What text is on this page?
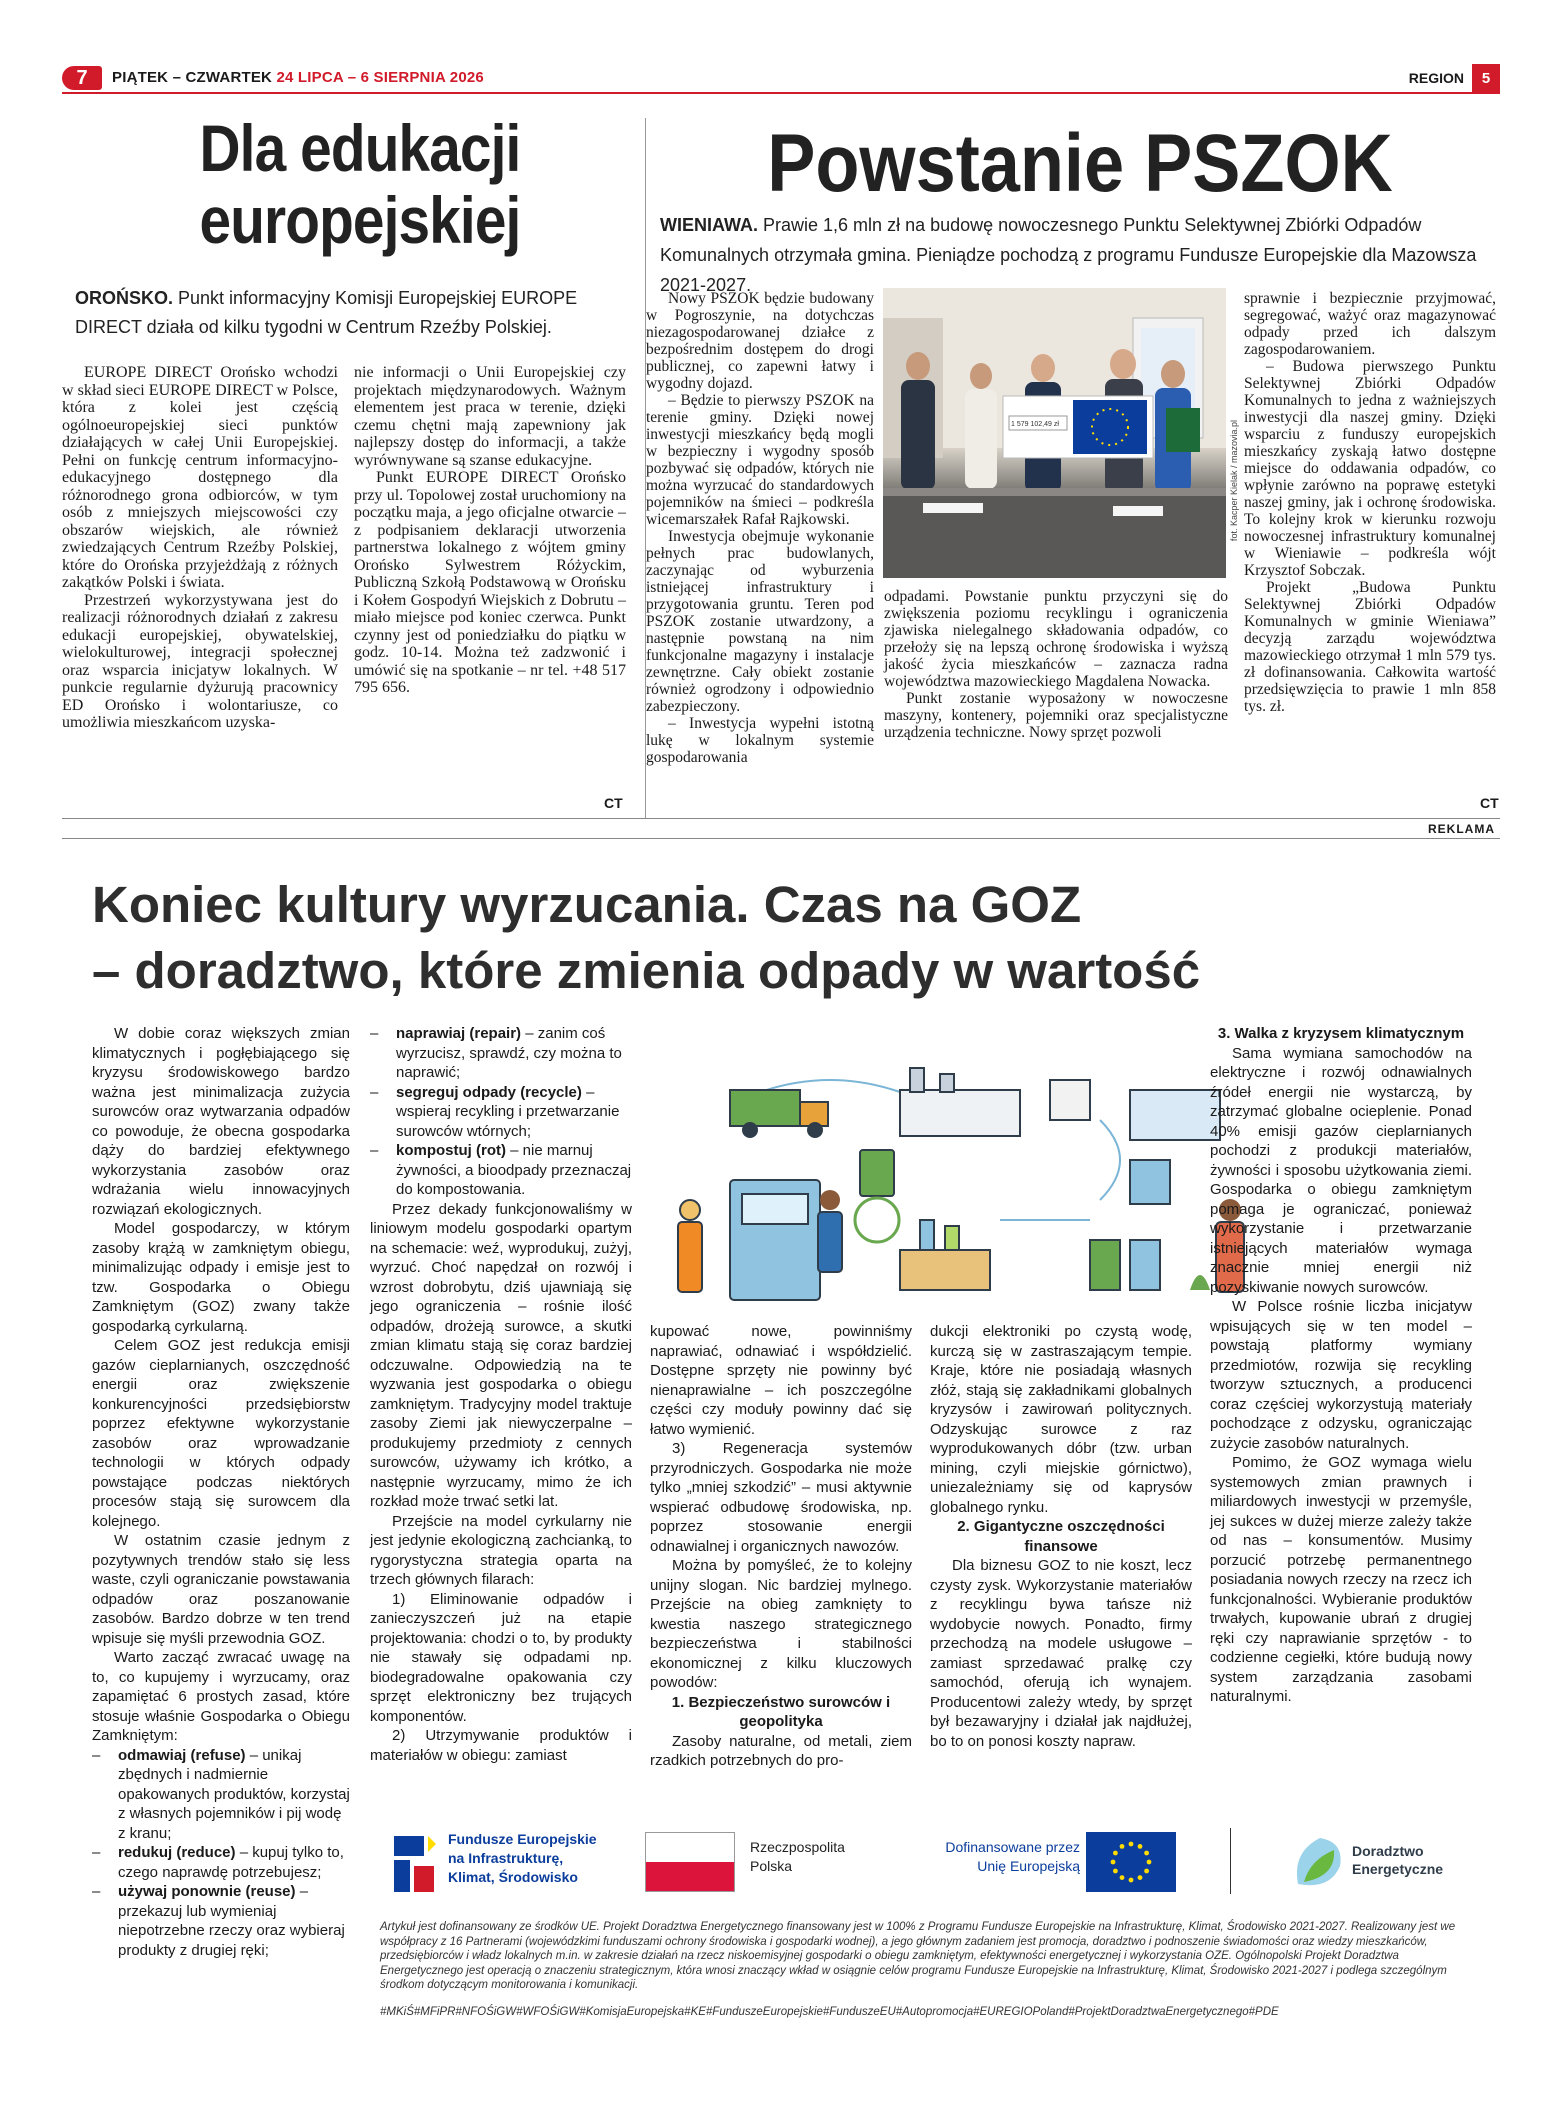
7	PIĄTEK – CZWARTEK 24 LIPCA – 6 SIERPNIA 2026	REGION	5
Dla edukacji
europejskiej
OROŃSKO. Punkt informacyjny Komisji Europejskiej EUROPE DIRECT działa od kilku tygodni w Centrum Rzeźby Polskiej.

EUROPE DIRECT Orońsko wchodzi w skład sieci EUROPE DIRECT w Polsce, która z kolei jest częścią ogólnoeuropejskiej sieci punktów działających w całej Unii Europejskiej. Pełni on funkcję centrum informacyjno-edukacyjnego dostępnego dla różnorodnego grona odbiorców, w tym osób z mniejszych miejscowości czy obszarów wiejskich, ale również zwiedzających Centrum Rzeźby Polskiej, które do Orońska przyjeżdżają z różnych zakątków Polski i świata.

Przestrzeń wykorzystywana jest do realizacji różnorodnych działań z zakresu edukacji europejskiej, obywatelskiej, wielokulturowej, integracji społecznej oraz wsparcia inicjatyw lokalnych. W punkcie regularnie dyżurują pracownicy ED Orońsko i wolontariusze, co umożliwia mieszkańcom uzyska-

nie informacji o Unii Europejskiej czy projektach międzynarodowych. Ważnym elementem jest praca w terenie, dzięki czemu chętni mają zapewniony jak najlepszy dostęp do informacji, a także wyrównywane są szanse edukacyjne.

Punkt EUROPE DIRECT Orońsko przy ul. Topolowej został uruchomiony na początku maja, a jego oficjalne otwarcie – z podpisaniem deklaracji utworzenia partnerstwa lokalnego z wójtem gminy Orońsko Sylwestrem Różyckim, Publiczną Szkołą Podstawową w Orońsku i Kołem Gospodyń Wiejskich z Dobrutu – miało miejsce pod koniec czerwca. Punkt czynny jest od poniedziałku do piątku w godz. 10-14. Można też zadzwonić i umówić się na spotkanie – nr tel. +48 517 795 656.

CT
Powstanie PSZOK
WIENIAWA. Prawie 1,6 mln zł na budowę nowoczesnego Punktu Selektywnej Zbiórki Odpadów Komunalnych otrzymała gmina. Pieniądze pochodzą z programu Fundusze Europejskie dla Mazowsza 2021-2027.

Nowy PSZOK będzie budowany w Pogroszynie, na dotychczas niezagospodarowanej działce z bezpośrednim dostępem do drogi publicznej, co zapewni łatwy i wygodny dojazd.

– Będzie to pierwszy PSZOK na terenie gminy. Dzięki nowej inwestycji mieszkańcy będą mogli w bezpieczny i wygodny sposób pozbywać się odpadów, których nie można wyrzucać do standardowych pojemników na śmieci – podkreśla wicemarszałek Rafał Rajkowski.

Inwestycja obejmuje wykonanie pełnych prac budowlanych, zaczynając od wyburzenia istniejącej infrastruktury i przygotowania gruntu. Teren pod PSZOK zostanie utwardzony, a następnie powstaną na nim funkcjonalne magazyny i instalacje zewnętrzne. Cały obiekt zostanie również ogrodzony i odpowiednio zabezpieczony.

– Inwestycja wypełni istotną lukę w lokalnym systemie gospodarowania

1 579 102,49 zł	fot. Kacper Kielak / mazovia.pl

odpadami. Powstanie punktu przyczyni się do zwiększenia poziomu recyklingu i ograniczenia zjawiska nielegalnego składowania odpadów, co przełoży się na lepszą ochronę środowiska i wyższą jakość życia mieszkańców – zaznacza radna województwa mazowieckiego Magdalena Nowacka.

Punkt zostanie wyposażony w nowoczesne maszyny, kontenery, pojemniki oraz specjalistyczne urządzenia techniczne. Nowy sprzęt pozwoli

sprawnie i bezpiecznie przyjmować, segregować, ważyć oraz magazynować odpady przed ich dalszym zagospodarowaniem.

– Budowa pierwszego Punktu Selektywnej Zbiórki Odpadów Komunalnych to jedna z ważniejszych inwestycji dla naszej gminy. Dzięki wsparciu z funduszy europejskich mieszkańcy zyskają łatwo dostępne miejsce do oddawania odpadów, co wpłynie zarówno na poprawę estetyki naszej gminy, jak i ochronę środowiska. To kolejny krok w kierunku rozwoju nowoczesnej infrastruktury komunalnej w Wieniawie – podkreśla wójt Krzysztof Sobczak.

Projekt „Budowa Punktu Selektywnej Zbiórki Odpadów Komunalnych w gminie Wieniawa” decyzją zarządu województwa mazowieckiego otrzymał 1 mln 579 tys. zł dofinansowania. Całkowita wartość przedsięwzięcia to prawie 1 mln 858 tys. zł.

CT
REKLAMA
Koniec kultury wyrzucania. Czas na GOZ
– doradztwo, które zmienia odpady w wartość

W dobie coraz większych zmian klimatycznych i pogłębiającego się kryzysu środowiskowego bardzo ważna jest minimalizacja zużycia surowców oraz wytwarzania odpadów co powoduje, że obecna gospodarka dąży do bardziej efektywnego wykorzystania zasobów oraz wdrażania wielu innowacyjnych rozwiązań ekologicznych.

Model gospodarczy, w którym zasoby krążą w zamkniętym obiegu, minimalizując odpady i emisje jest to tzw. Gospodarka o Obiegu Zamkniętym (GOZ) zwany także gospodarką cyrkularną.

Celem GOZ jest redukcja emisji gazów cieplarnianych, oszczędność energii oraz zwiększenie konkurencyjności przedsiębiorstw poprzez efektywne wykorzystanie zasobów oraz wprowadzanie technologii w których odpady powstające podczas niektórych procesów stają się surowcem dla kolejnego.

W ostatnim czasie jednym z pozytywnych trendów stało się less waste, czyli ograniczanie powstawania odpadów oraz poszanowanie zasobów. Bardzo dobrze w ten trend wpisuje się myśli przewodnia GOZ.

Warto zacząć zwracać uwagę na to, co kupujemy i wyrzucamy, oraz zapamiętać 6 prostych zasad, które stosuje właśnie Gospodarka o Obiegu Zamkniętym:

– odmawiaj (refuse) – unikaj zbędnych i nadmiernie opakowanych produktów, korzystaj z własnych pojemników i pij wodę z kranu;
– redukuj (reduce) – kupuj tylko to, czego naprawdę potrzebujesz;
– używaj ponownie (reuse) – przekazuj lub wymieniaj niepotrzebne rzeczy oraz wybieraj produkty z drugiej ręki;
– naprawiaj (repair) – zanim coś wyrzucisz, sprawdź, czy można to naprawić;
– segreguj odpady (recycle) – wspieraj recykling i przetwarzanie surowców wtórnych;
– kompostuj (rot) – nie marnuj żywności, a bioodpady przeznaczaj do kompostowania.

Przez dekady funkcjonowaliśmy w liniowym modelu gospodarki opartym na schemacie: weź, wyprodukuj, zużyj, wyrzuć. Choć napędzał on rozwój i wzrost dobrobytu, dziś ujawniają się jego ograniczenia – rośnie ilość odpadów, drożeją surowce, a skutki zmian klimatu stają się coraz bardziej odczuwalne. Odpowiedzią na te wyzwania jest gospodarka o obiegu zamkniętym. Tradycyjny model traktuje zasoby Ziemi jak niewyczerpalne – produkujemy przedmioty z cennych surowców, używamy ich krótko, a następnie wyrzucamy, mimo że ich rozkład może trwać setki lat.

Przejście na model cyrkularny nie jest jedynie ekologiczną zachcianką, to rygorystyczna strategia oparta na trzech głównych filarach:

1) Eliminowanie odpadów i zanieczyszczeń już na etapie projektowania: chodzi o to, by produkty nie stawały się odpadami np. biodegradowalne opakowania czy sprzęt elektroniczny bez trujących komponentów.

2) Utrzymywanie produktów i materiałów w obiegu: zamiast

kupować nowe, powinniśmy naprawiać, odnawiać i współdzielić. Dostępne sprzęty nie powinny być nienaprawialne – ich poszczególne części czy moduły powinny dać się łatwo wymienić.

3) Regeneracja systemów przyrodniczych. Gospodarka nie może tylko „mniej szkodzić” – musi aktywnie wspierać odbudowę środowiska, np. poprzez stosowanie energii odnawialnej i organicznych nawozów.

Można by pomyśleć, że to kolejny unijny slogan. Nic bardziej mylnego. Przejście na obieg zamknięty to kwestia naszego strategicznego bezpieczeństwa i stabilności ekonomicznej z kilku kluczowych powodów:

1. Bezpieczeństwo surowców i geopolityka

Zasoby naturalne, od metali, ziem rzadkich potrzebnych do pro-

dukcji elektroniki po czystą wodę, kurczą się w zastraszającym tempie. Kraje, które nie posiadają własnych złóż, stają się zakładnikami globalnych kryzysów i zawirowań politycznych. Odzyskując surowce z raz wyprodukowanych dóbr (tzw. urban mining, czyli miejskie górnictwo), uniezależniamy się od kaprysów globalnego rynku.

2. Gigantyczne oszczędności finansowe

Dla biznesu GOZ to nie koszt, lecz czysty zysk. Wykorzystanie materiałów z recyklingu bywa tańsze niż wydobycie nowych. Ponadto, firmy przechodzą na modele usługowe – zamiast sprzedawać pralkę czy samochód, oferują ich wynajem. Producentowi zależy wtedy, by sprzęt był bezawaryjny i działał jak najdłużej, bo to on ponosi koszty napraw.

3. Walka z kryzysem klimatycznym

Sama wymiana samochodów na elektryczne i rozwój odnawialnych źródeł energii nie wystarczą, by zatrzymać globalne ocieplenie. Ponad 40% emisji gazów cieplarnianych pochodzi z produkcji materiałów, żywności i sposobu użytkowania ziemi. Gospodarka o obiegu zamkniętym pomaga je ograniczać, ponieważ wykorzystanie i przetwarzanie istniejących materiałów wymaga znacznie mniej energii niż pozyskiwanie nowych surowców.

W Polsce rośnie liczba inicjatyw wpisujących się w ten model – powstają platformy wymiany przedmiotów, rozwija się recykling tworzyw sztucznych, a producenci coraz częściej wykorzystują materiały pochodzące z odzysku, ograniczając zużycie zasobów naturalnych.

Pomimo, że GOZ wymaga wielu systemowych zmian prawnych i miliardowych inwestycji w przemyśle, jej sukces w dużej mierze zależy także od nas – konsumentów. Musimy porzucić potrzebę permanentnego posiadania nowych rzeczy na rzecz ich funkcjonalności. Wybieranie produktów trwałych, kupowanie ubrań z drugiej ręki czy naprawianie sprzętów - to codzienne cegiełki, które budują nowy system zarządzania zasobami naturalnymi.

Fundusze Europejskie
na Infrastrukturę,
Klimat, Środowisko
Rzeczpospolita
Polska
Dofinansowane przez
Unię Europejską
Doradztwo
Energetyczne
Artykuł jest dofinansowany ze środków UE. Projekt Doradztwa Energetycznego finansowany jest w 100% z Programu Fundusze Europejskie na Infrastrukturę, Klimat, Środowisko 2021-2027. Realizowany jest we współpracy z 16 Partnerami (wojewódzkimi funduszami ochrony środowiska i gospodarki wodnej), a jego głównym zadaniem jest promocja, doradztwo i podnoszenie świadomości oraz wiedzy mieszkańców, przedsiębiorców i władz lokalnych m.in. w zakresie działań na rzecz niskoemisyjnej gospodarki o obiegu zamkniętym, efektywności energetycznej i wykorzystania OZE. Ogólnopolski Projekt Doradztwa Energetycznego jest operacją o znaczeniu strategicznym, która wnosi znaczący wkład w osiągnie celów programu Fundusze Europejskie na Infrastrukturę, Klimat, Środowisko 2021-2027 i podlega szczególnym środkom dotyczącym monitorowania i komunikacji.
#MKiŚ#MFiPR#NFOŚiGW#WFOŚiGW#KomisjaEuropejska#KE#FunduszeEuropejskie#FunduszeEU#Autopromocja#EUREGIOPoland#ProjektDoradztwaEnergetycznego#PDE
